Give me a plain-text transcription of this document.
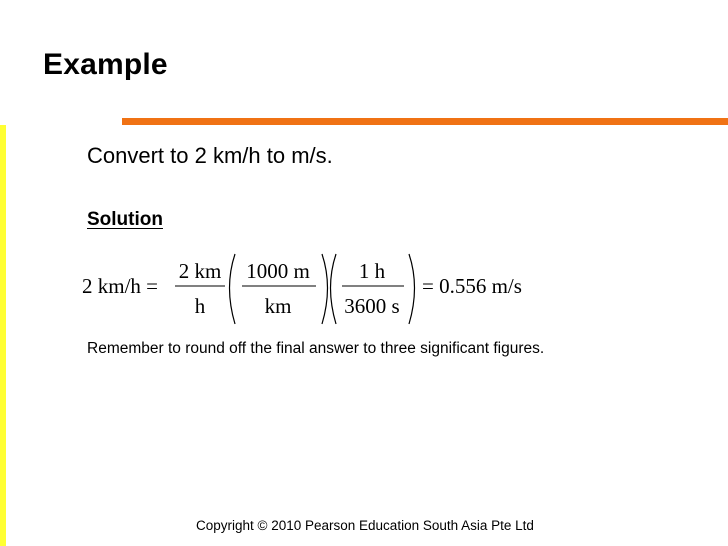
Example
Convert to 2 km/h to m/s.
Solution
2 km/h =
2 km
h
1000 m
km
1 h
3600 s
= 0.556 m/s
Remember to round off the final answer to three significant figures.
Copyright © 2010 Pearson Education South Asia Pte Ltd
